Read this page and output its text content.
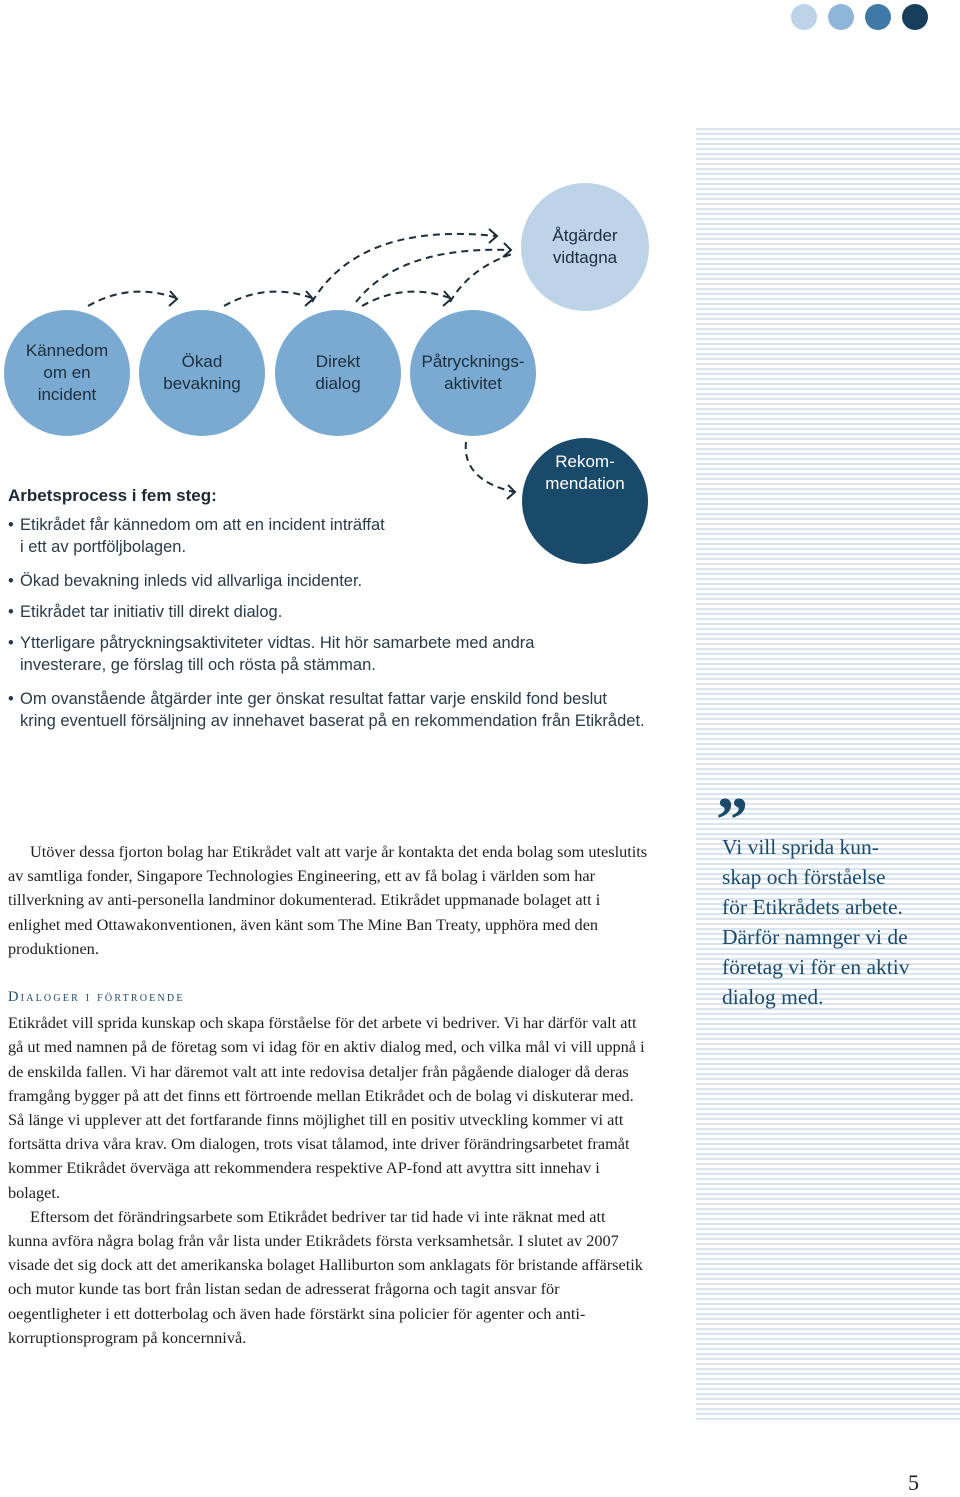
Kännedom
om en
incident
Ökad
bevakning
Direkt
dialog
Påtrycknings-
aktivitet
Åtgärder
vidtagna
Rekom-
mendation
Arbetsprocess i fem steg:
• Etikrådet får kännedom om att en incident inträffat
i ett av portföljbolagen.
• Ökad bevakning inleds vid allvarliga incidenter.
• Etikrådet tar initiativ till direkt dialog.
• Ytterligare påtryckningsaktiviteter vidtas. Hit hör samarbete med andra
investerare, ge förslag till och rösta på stämman.
• Om ovanstående åtgärder inte ger önskat resultat fattar varje enskild fond beslut
kring eventuell försäljning av innehavet baserat på en rekommendation från Etikrådet.
”
Vi vill sprida kun-
skap och förståelse
för Etikrådets arbete.
Därför namnger vi de
företag vi för en aktiv
dialog med.

Utöver dessa fjorton bolag har Etikrådet valt att varje år kontakta det enda bolag som uteslutits av samtliga fonder, Singapore Technologies Engineering, ett av få bolag i världen som har tillverkning av anti-personella landminor dokumenterad. Etikrådet uppmanade bolaget att i enlighet med Ottawakonventionen, även känt som The Mine Ban Treaty, upphöra med den produktionen.

Dialoger i förtroende

Etikrådet vill sprida kunskap och skapa förståelse för det arbete vi bedriver. Vi har därför valt att gå ut med namnen på de företag som vi idag för en aktiv dialog med, och vilka mål vi vill uppnå i de enskilda fallen. Vi har däremot valt att inte redovisa detaljer från pågående dialoger då deras framgång bygger på att det finns ett förtroende mellan Etikrådet och de bolag vi diskuterar med. Så länge vi upplever att det fortfarande finns möjlighet till en positiv utveckling kommer vi att fortsätta driva våra krav. Om dialogen, trots visat tålamod, inte driver förändringsarbetet framåt kommer Etikrådet överväga att rekommendera respektive AP-fond att avyttra sitt innehav i bolaget.

Eftersom det förändringsarbete som Etikrådet bedriver tar tid hade vi inte räknat med att kunna avföra några bolag från vår lista under Etikrådets första verksamhetsår. I slutet av 2007 visade det sig dock att det amerikanska bolaget Halliburton som anklagats för bristande affärsetik och mutor kunde tas bort från listan sedan de adresserat frågorna och tagit ansvar för oegentligheter i ett dotterbolag och även hade förstärkt sina policier för agenter och anti-korruptionsprogram på koncernnivå.

5
